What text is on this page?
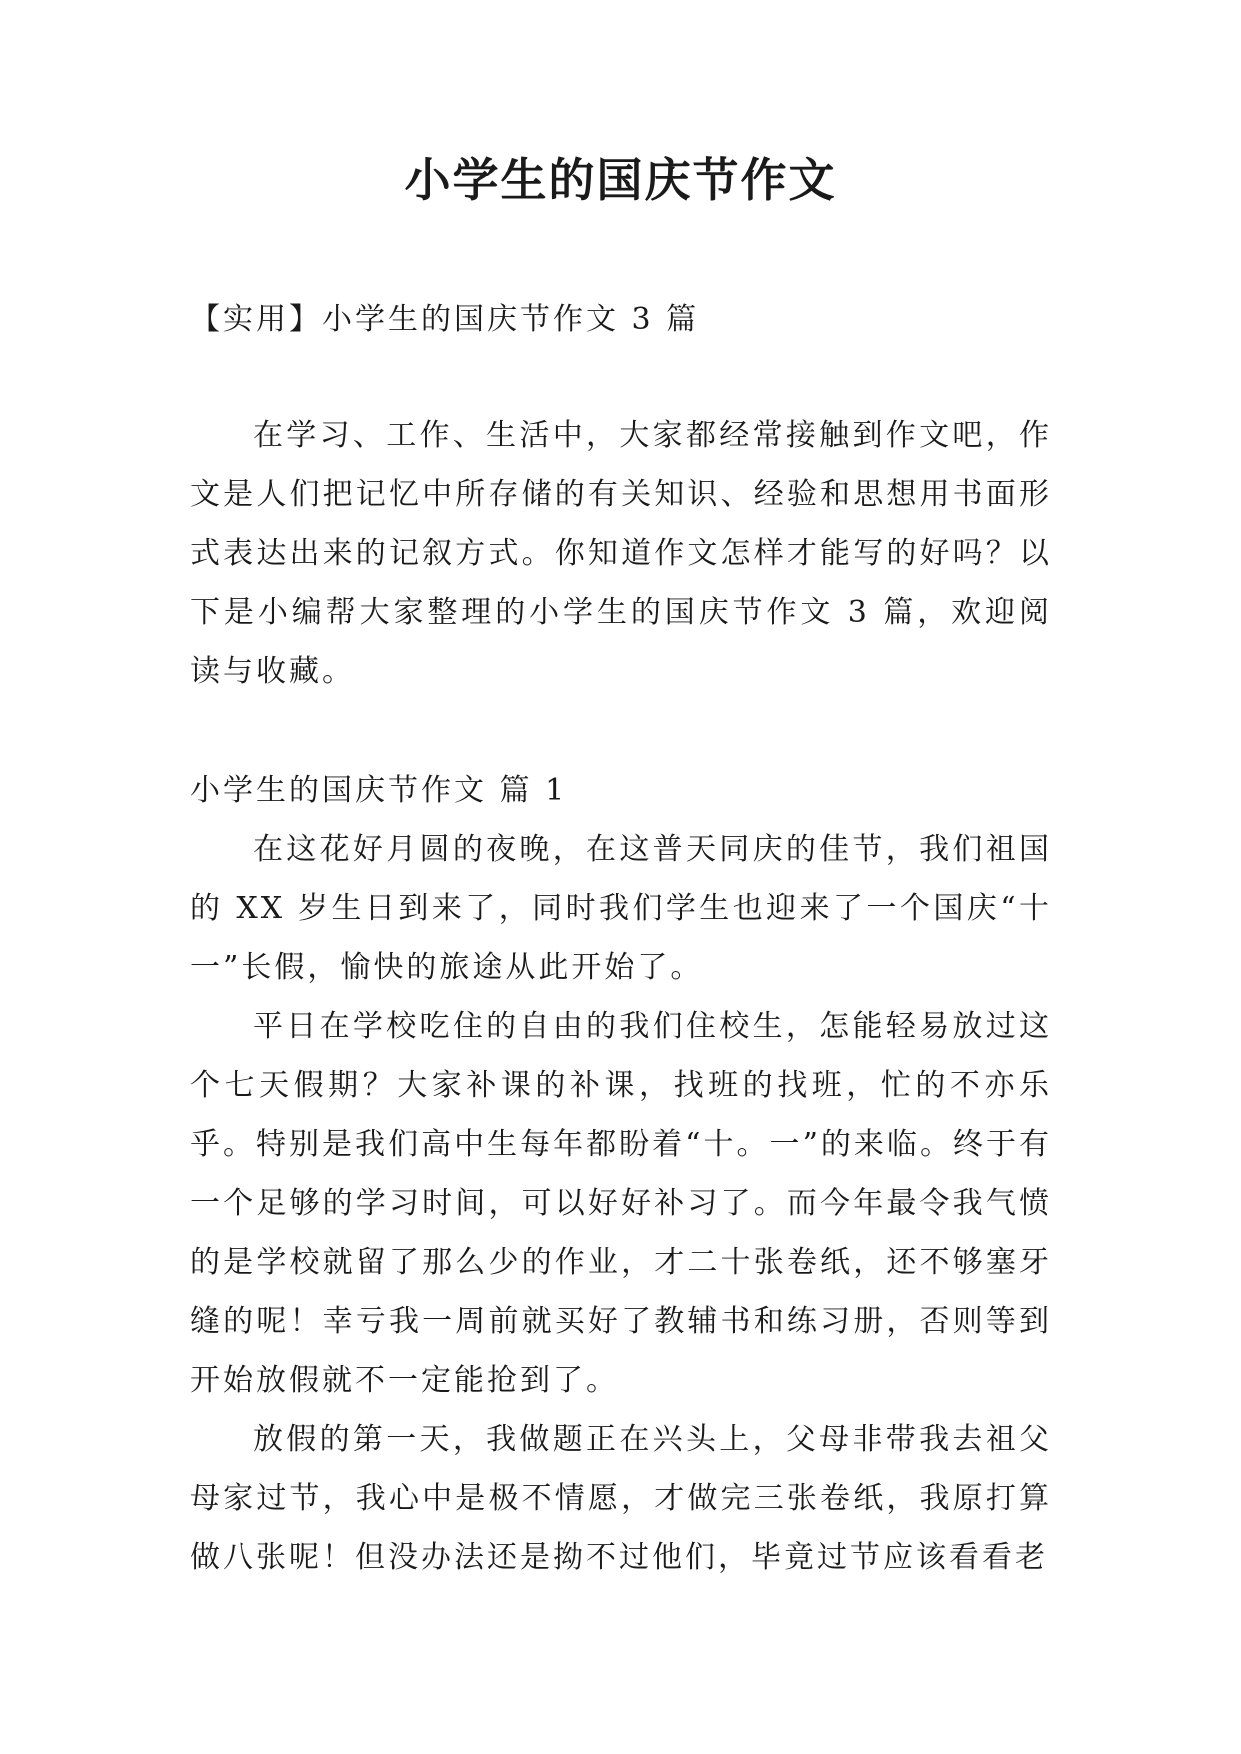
小学生的国庆节作文

【实用】小学生的国庆节作文 3 篇

在学习、工作、生活中，大家都经常接触到作文吧，作文是人们把记忆中所存储的有关知识、经验和思想用书面形式表达出来的记叙方式。你知道作文怎样才能写的好吗？以下是小编帮大家整理的小学生的国庆节作文 3 篇，欢迎阅读与收藏。

小学生的国庆节作文 篇 1

在这花好月圆的夜晚，在这普天同庆的佳节，我们祖国的 XX 岁生日到来了，同时我们学生也迎来了一个国庆“十一”长假，愉快的旅途从此开始了。

平日在学校吃住的自由的我们住校生，怎能轻易放过这个七天假期？大家补课的补课，找班的找班，忙的不亦乐乎。特别是我们高中生每年都盼着“十。一”的来临。终于有一个足够的学习时间，可以好好补习了。而今年最令我气愤的是学校就留了那么少的作业，才二十张卷纸，还不够塞牙缝的呢！幸亏我一周前就买好了教辅书和练习册，否则等到开始放假就不一定能抢到了。

放假的第一天，我做题正在兴头上，父母非带我去祖父母家过节，我心中是极不情愿，才做完三张卷纸，我原打算做八张呢！但没办法还是拗不过他们，毕竟过节应该看看老
